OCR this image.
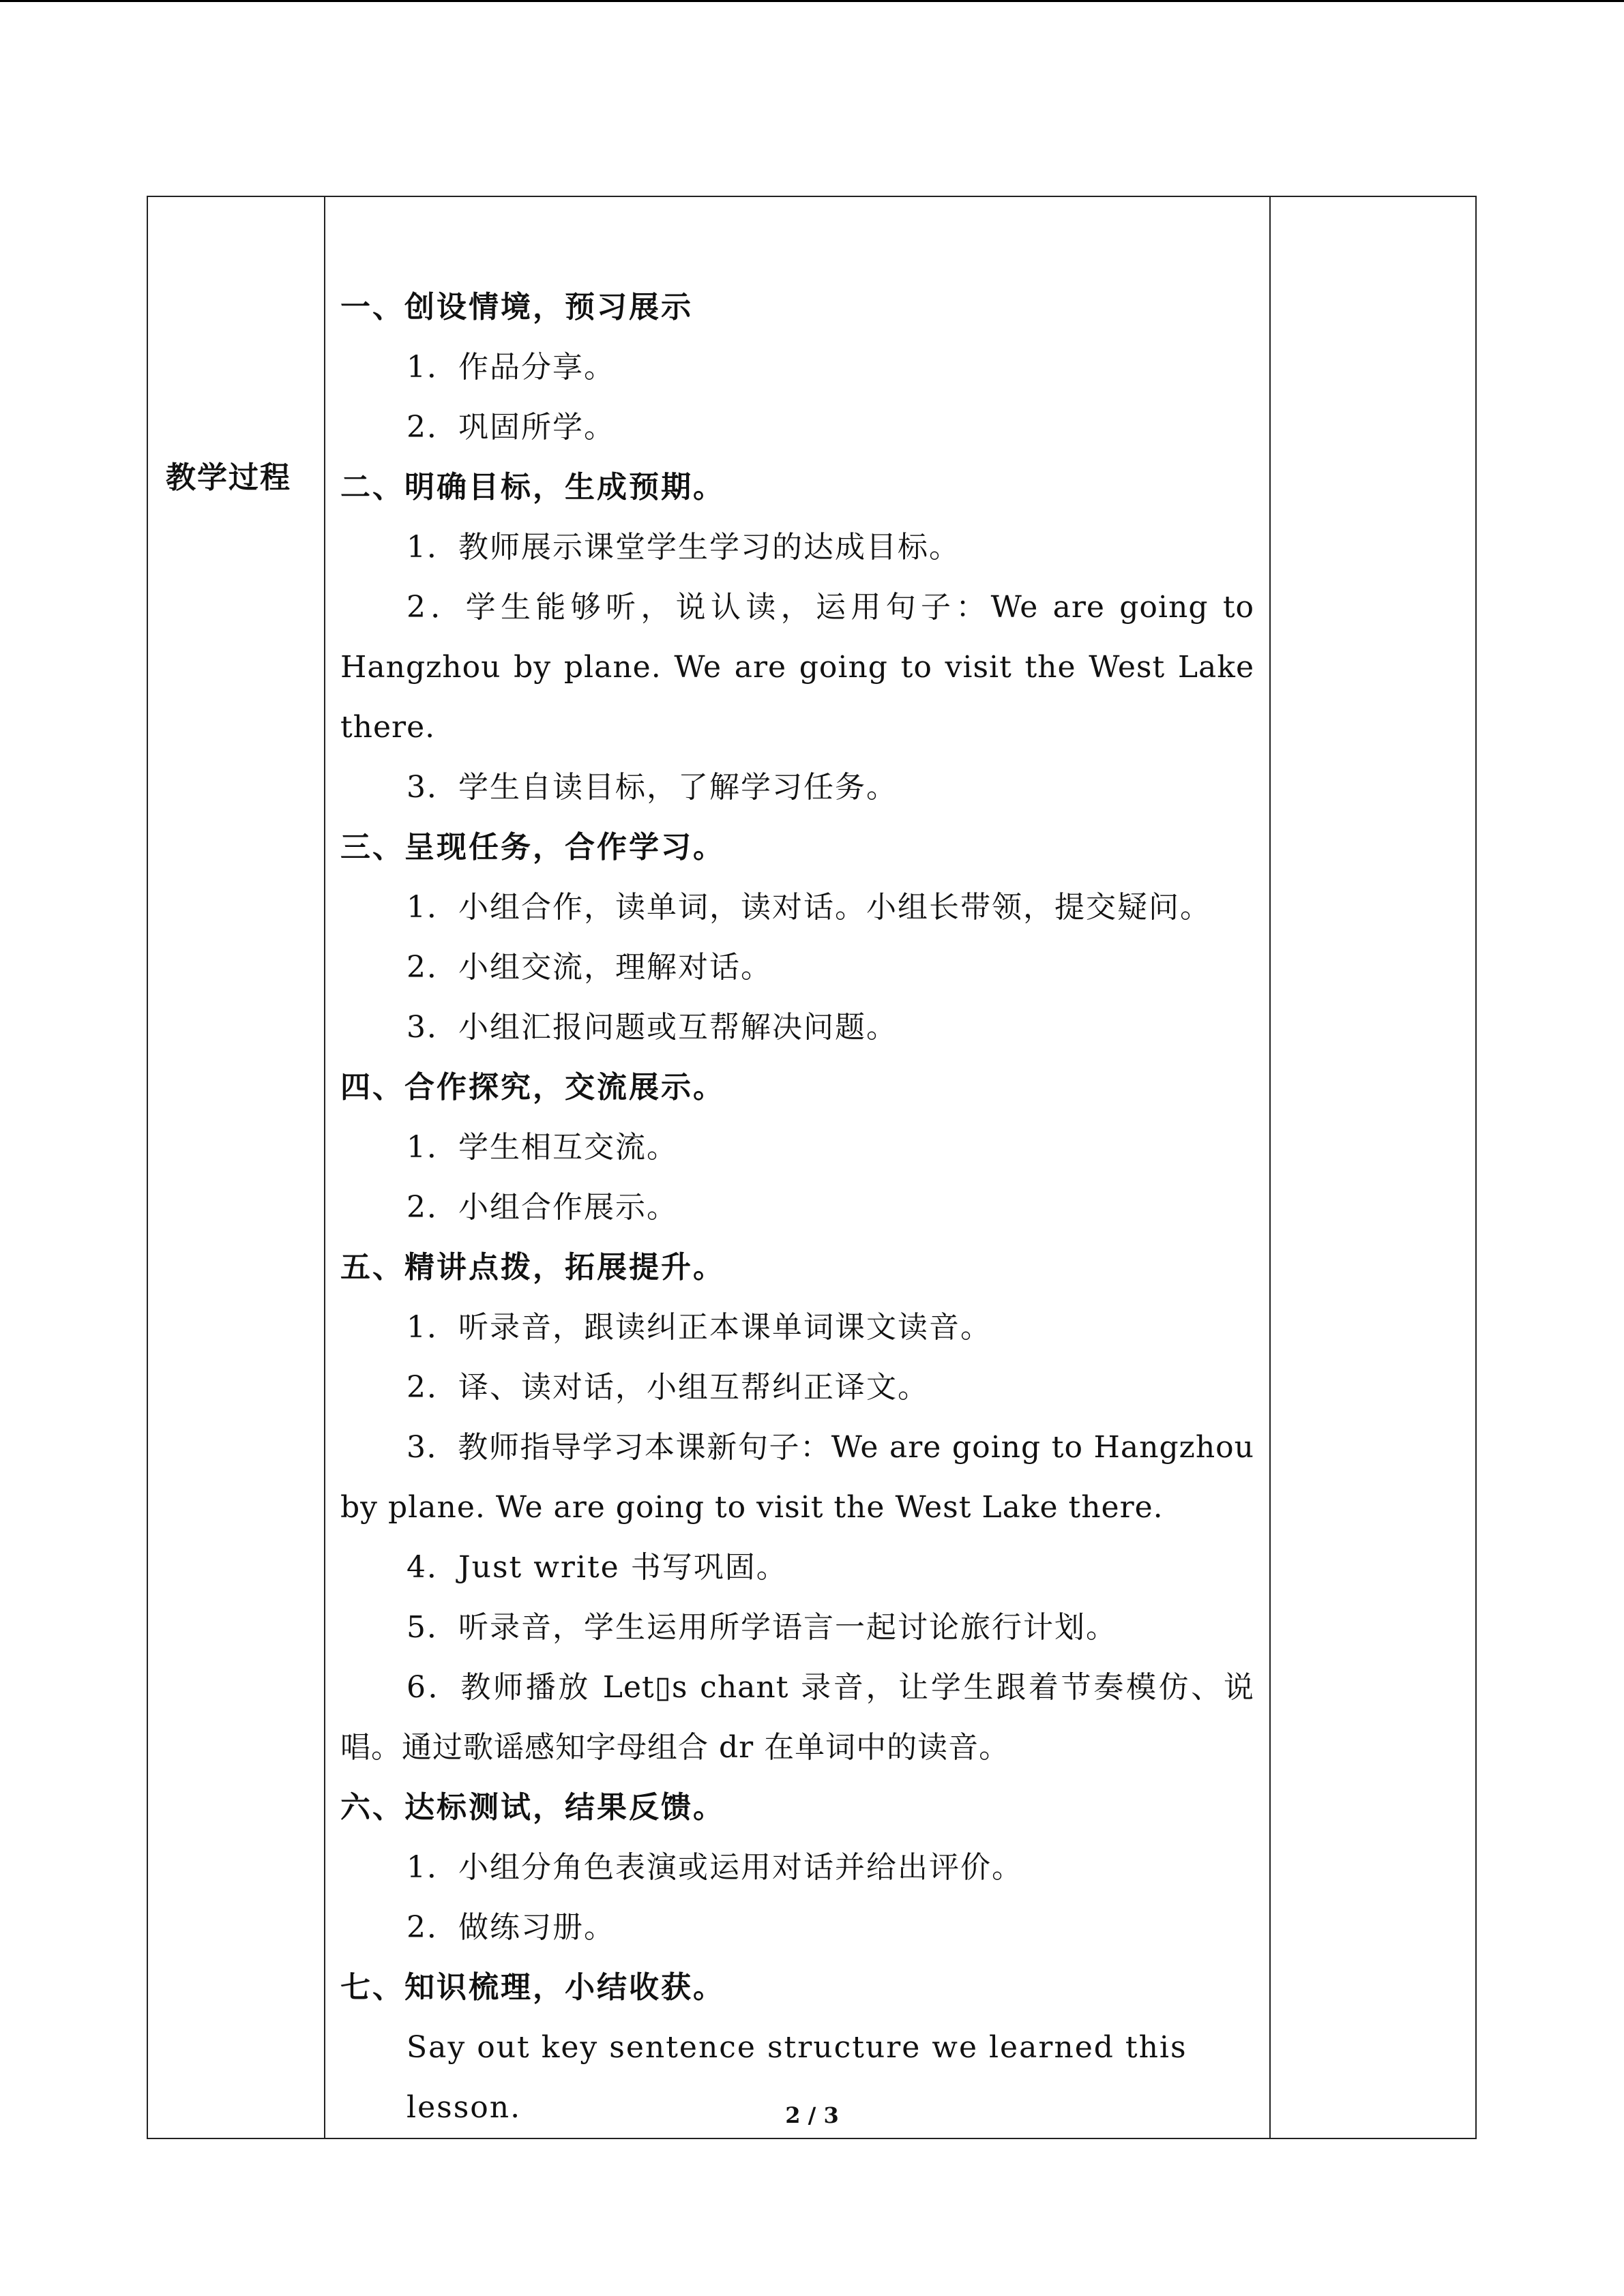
教学过程

一、创设情境，预习展示
1．作品分享。
2．巩固所学。
二、明确目标，生成预期。
1．教师展示课堂学生学习的达成目标。
2．学生能够听，说认读，运用句子：We are going to Hangzhou by plane. We are going to visit the West Lake there.
3．学生自读目标，了解学习任务。
三、呈现任务，合作学习。
1．小组合作，读单词，读对话。小组长带领，提交疑问。
2．小组交流，理解对话。
3．小组汇报问题或互帮解决问题。
四、合作探究，交流展示。
1．学生相互交流。
2．小组合作展示。
五、精讲点拨，拓展提升。
1．听录音，跟读纠正本课单词课文读音。
2．译、读对话，小组互帮纠正译文。
3．教师指导学习本课新句子：We are going to Hangzhou by plane. We are going to visit the West Lake there.
4．Just write 书写巩固。
5．听录音，学生运用所学语言一起讨论旅行计划。
6．教师播放 Let▯s chant 录音，让学生跟着节奏模仿、说唱。通过歌谣感知字母组合 dr 在单词中的读音。
六、达标测试，结果反馈。
1．小组分角色表演或运用对话并给出评价。
2．做练习册。
七、知识梳理，小结收获。
Say out key sentence structure we learned this lesson.
		2 / 3
